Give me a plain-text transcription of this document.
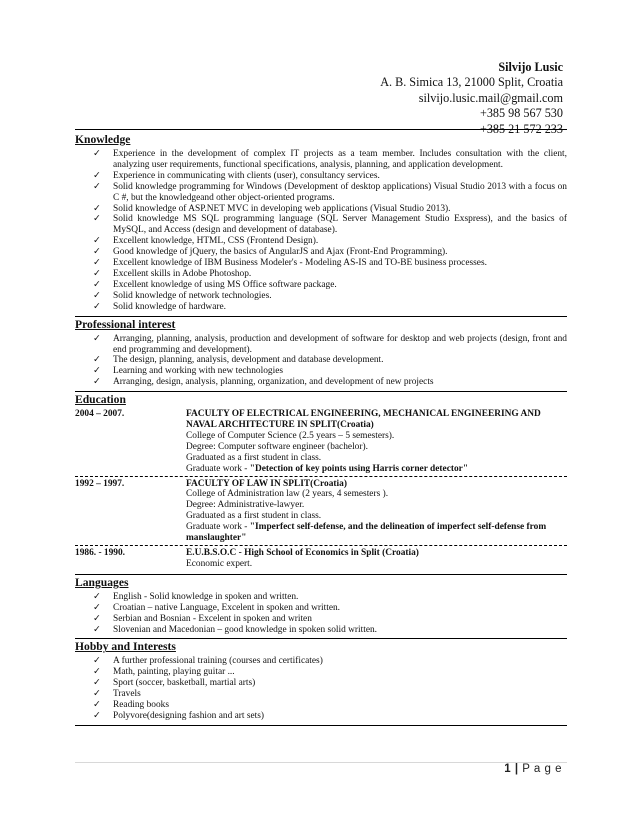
Silvijo Lusic
A. B. Simica 13, 21000 Split, Croatia
silvijo.lusic.mail@gmail.com
+385 98 567 530
+385 21 572 233
Knowledge
✓ Experience in the development of complex IT projects as a team member. Includes consultation with the client, analyzing user requirements, functional specifications, analysis, planning, and application development.
✓ Experience in communicating with clients (user), consultancy services.
✓ Solid knowledge programming for Windows (Development of desktop applications) Visual Studio 2013 with a focus on C #, but the knowledgeand other object-oriented programs.
✓ Solid knowledge of ASP.NET MVC in developing web applications (Visual Studio 2013).
✓ Solid knowledge MS SQL programming language (SQL Server Management Studio Exspress), and the basics of MySQL, and Access (design and development of database).
✓ Excellent knowledge, HTML, CSS (Frontend Design).
✓ Good knowledge of jQuery, the basics of AngularJS and Ajax (Front-End Programming).
✓ Excellent knowledge of IBM Business Modeler's - Modeling AS-IS and TO-BE business processes.
✓ Excellent skills in Adobe Photoshop.
✓ Excellent knowledge of using MS Office software package.
✓ Solid knowledge of network technologies.
✓ Solid knowledge of hardware.
Professional interest
✓ Arranging, planning, analysis, production and development of software for desktop and web projects (design, front and end programming and development).
✓ The design, planning, analysis, development and database development.
✓ Learning and working with new technologies
✓ Arranging, design, analysis, planning, organization, and development of new projects
Education
2004 – 2007.	FACULTY OF ELECTRICAL ENGINEERING, MECHANICAL ENGINEERING AND NAVAL ARCHITECTURE IN SPLIT(Croatia)
College of Computer Science (2.5 years – 5 semesters).
Degree: Computer software engineer (bachelor).
Graduated as a first student in class.
Graduate work - "Detection of key points using Harris corner detector"
1992 – 1997.	FACULTY OF LAW IN SPLIT(Croatia)
College of Administration law (2 years, 4 semesters ).
Degree: Administrative-lawyer.
Graduated as a first student in class.
Graduate work - "Imperfect self-defense, and the delineation of imperfect self-defense from manslaughter"
1986. - 1990.	E.U.B.S.O.C - High School of Economics in Split (Croatia)
Economic expert.
Languages
✓ English - Solid knowledge in spoken and written.
✓ Croatian – native Language, Excelent in spoken and written.
✓ Serbian and Bosnian - Excelent in spoken and writen
✓ Slovenian and Macedonian – good knowledge in spoken solid written.
Hobby and Interests
✓ A further professional training (courses and certificates)
✓ Math, painting, playing guitar ...
✓ Sport (soccer, basketball, martial arts)
✓ Travels
✓ Reading books
✓ Polyvore(designing fashion and art sets)
1 | P a g e
